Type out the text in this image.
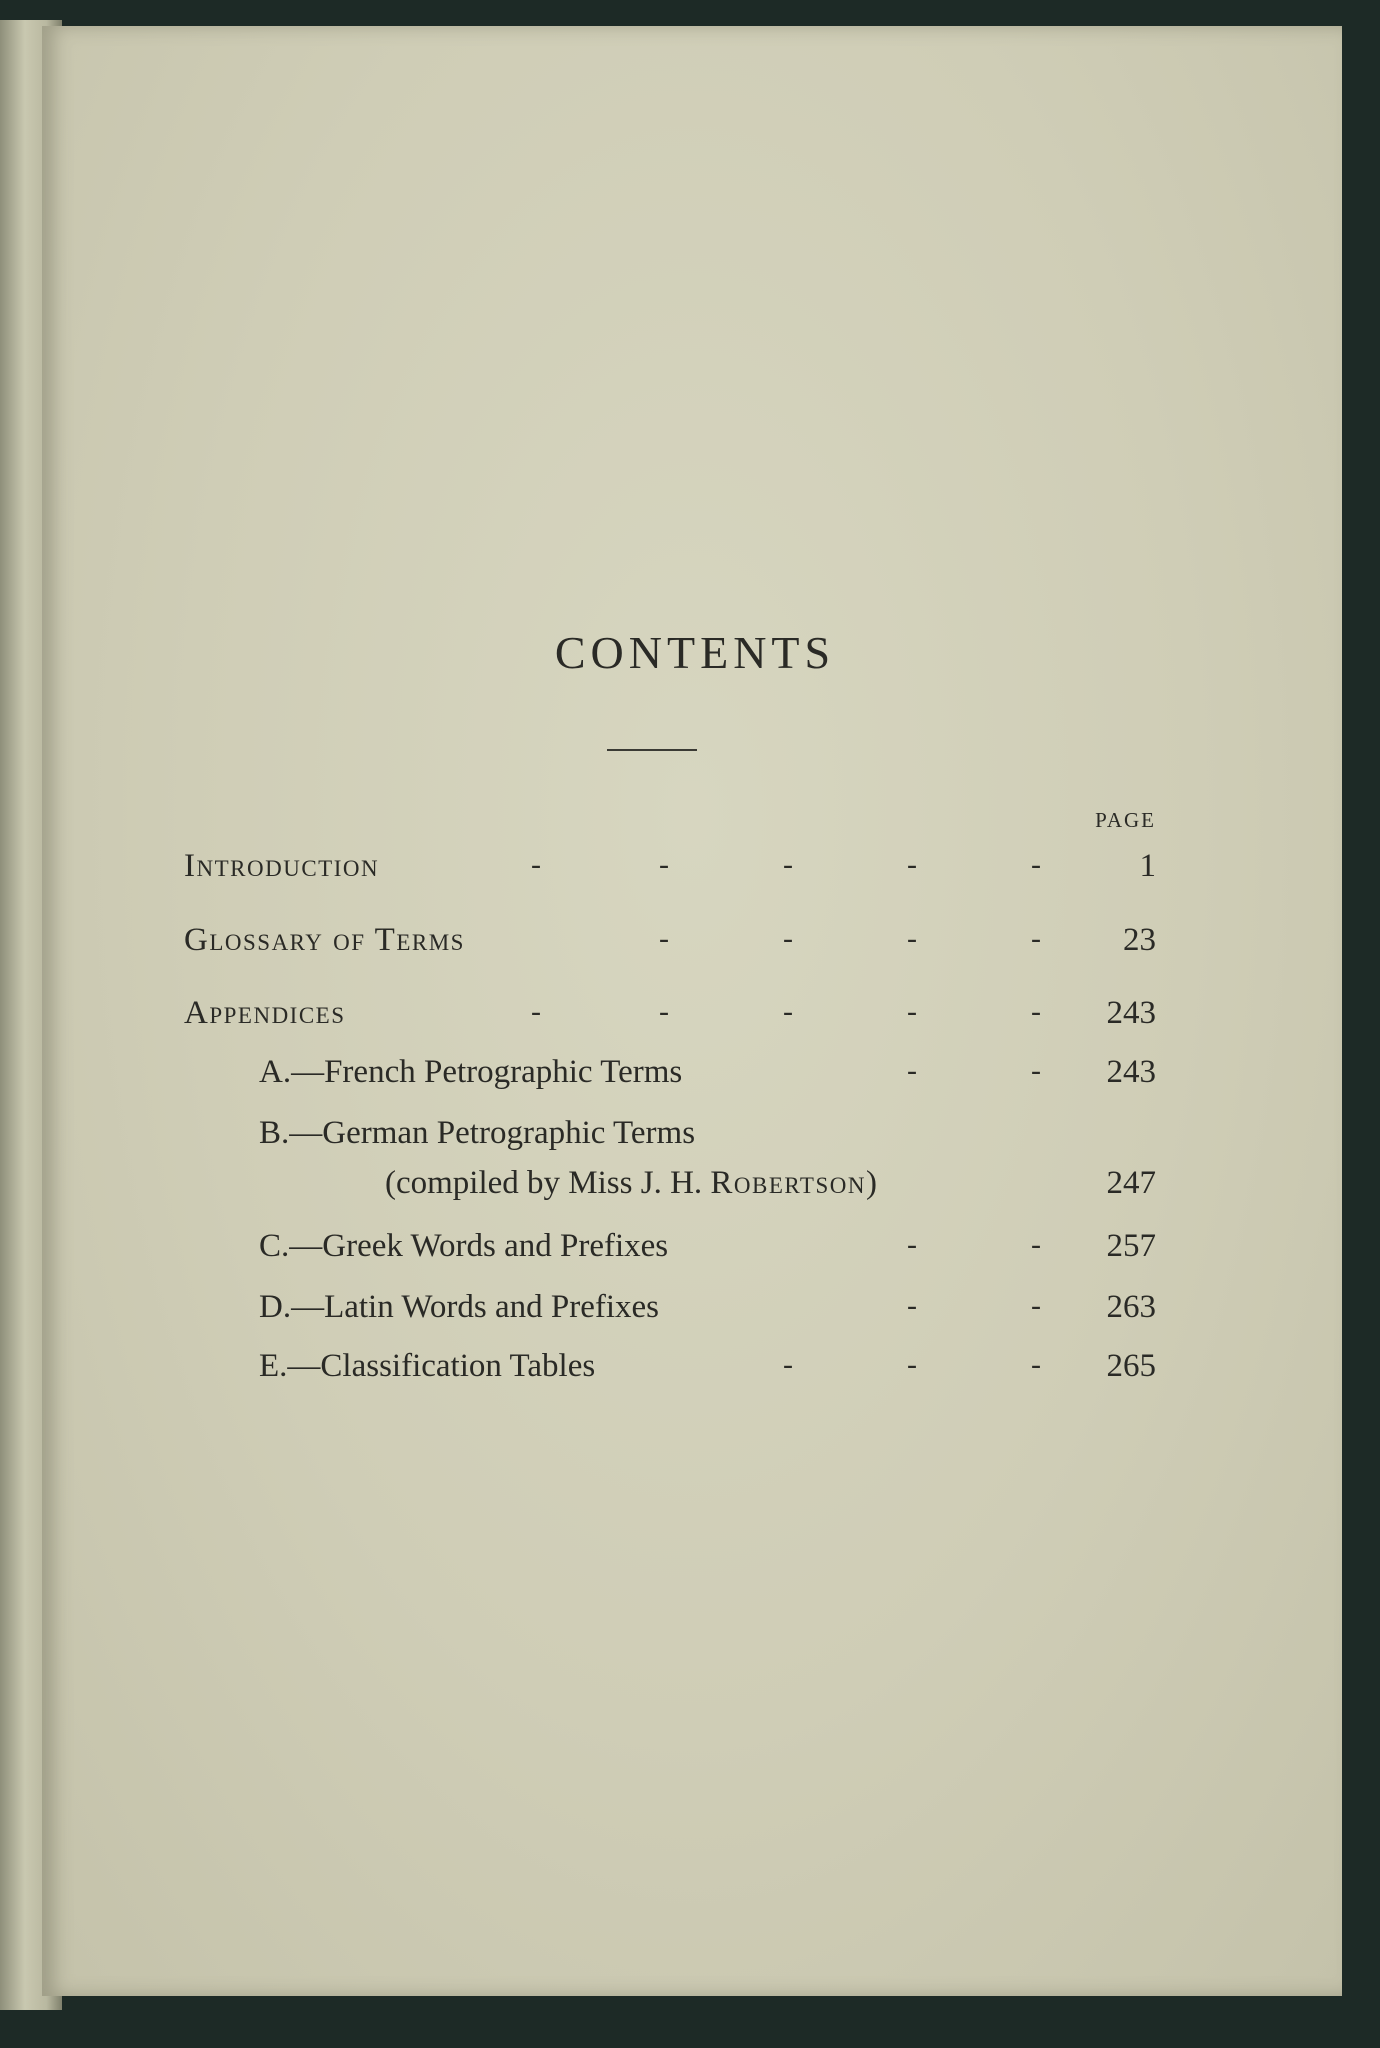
CONTENTS
PAGE
Introduction	-	-	-	-	-	1
Glossary of Terms	-	-	-	-	23
Appendices	-	-	-	-	-	243
A.—French Petrographic Terms	-	-	243
B.—German Petrographic Terms
(compiled by Miss J. H. Robertson)	247
C.—Greek Words and Prefixes	-	-	257
D.—Latin Words and Prefixes	-	-	263
E.—Classification Tables	-	-	-	265
